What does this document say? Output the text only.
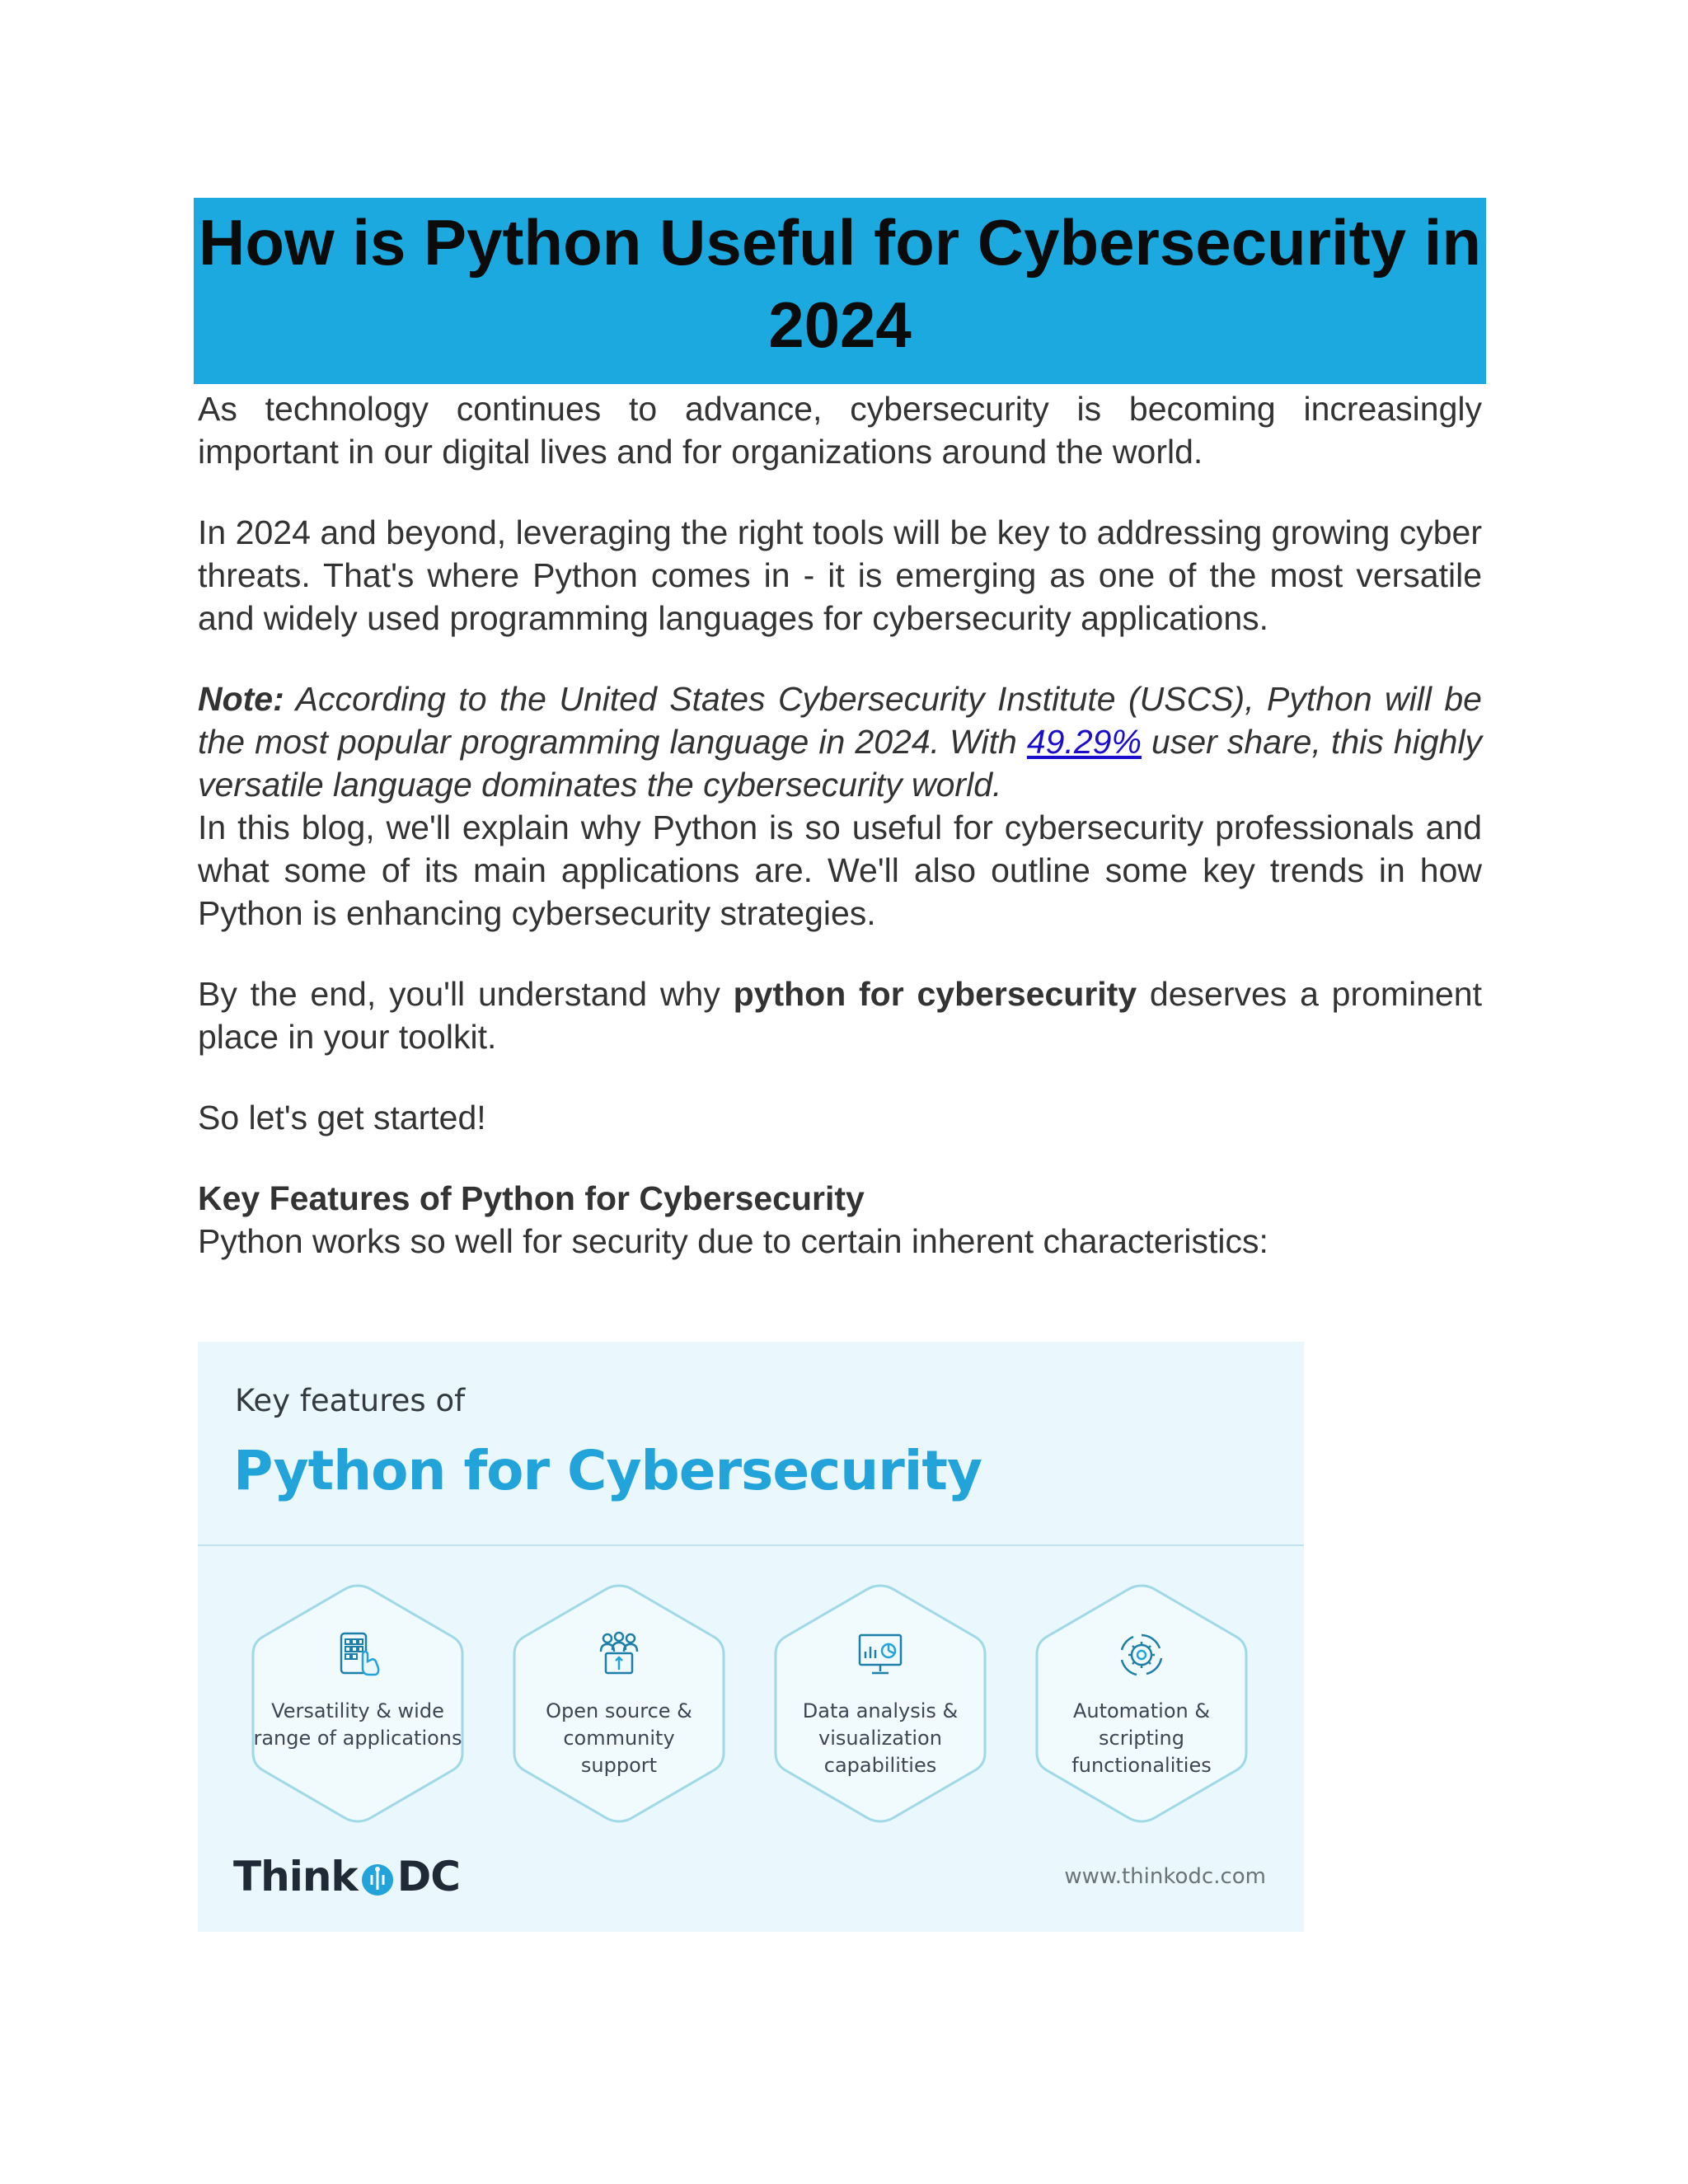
How is Python Useful for Cybersecurity in 2024

As technology continues to advance, cybersecurity is becoming increasingly important in our digital lives and for organizations around the world.

In 2024 and beyond, leveraging the right tools will be key to addressing growing cyber threats. That's where Python comes in - it is emerging as one of the most versatile and widely used programming languages for cybersecurity applications.

Note: According to the United States Cybersecurity Institute (USCS), Python will be the most popular programming language in 2024. With 49.29% user share, this highly versatile language dominates the cybersecurity world.

In this blog, we'll explain why Python is so useful for cybersecurity professionals and what some of its main applications are. We'll also outline some key trends in how Python is enhancing cybersecurity strategies.

By the end, you'll understand why python for cybersecurity deserves a prominent place in your toolkit.

So let's get started!

Key Features of Python for Cybersecurity

Python works so well for security due to certain inherent characteristics:

Key features of
Python for Cybersecurity
Versatility & wide
range of applications
Open source &
community
support
Data analysis &
visualization
capabilities
Automation &
scripting
functionalities
Think DC	www.thinkodc.com
